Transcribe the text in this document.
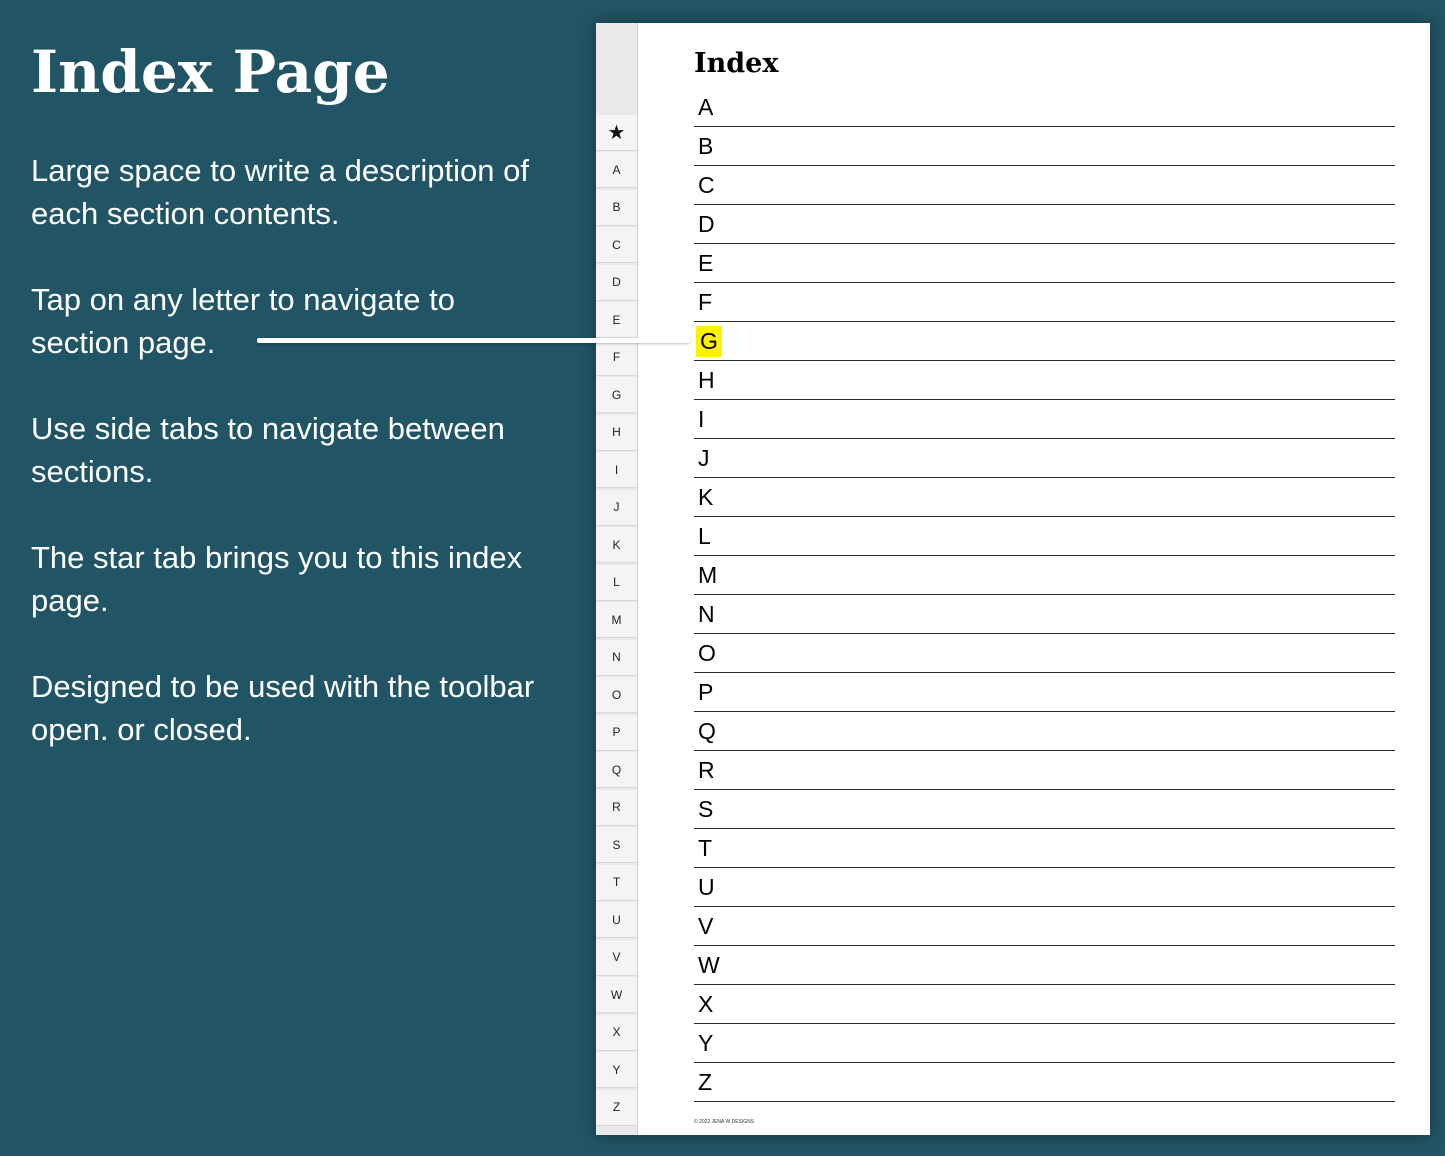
Index Page

Large space to write a description of each section contents.

Tap on any letter to navigate to section page.

Use side tabs to navigate between sections.

The star tab brings you to this index page.

Designed to be used with the toolbar open. or closed.

★
A
B
C
D
E
F
G
H
I
J
K
L
M
N
O
P
Q
R
S
T
U
V
W
X
Y
Z
Index
A
B
C
D
E
F
G
H
I
J
K
L
M
N
O
P
Q
R
S
T
U
V
W
X
Y
Z
© 2022 JENA W DESIGNS
